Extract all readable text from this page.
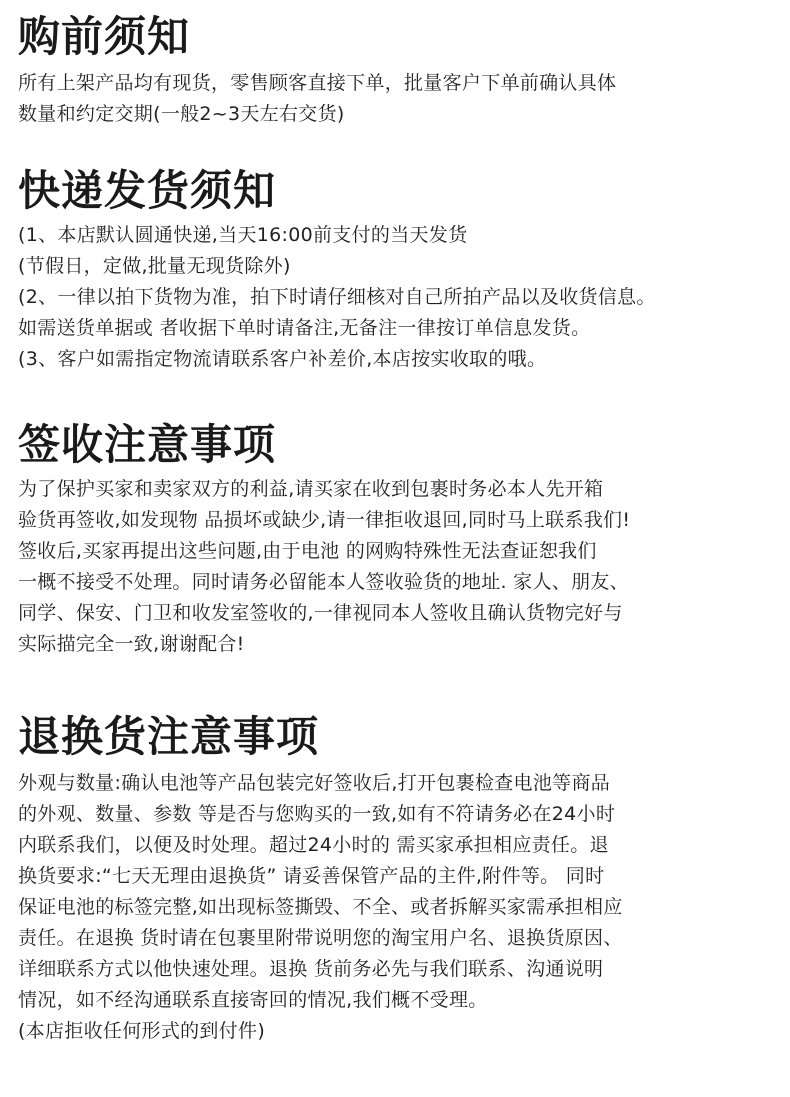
购前须知
所有上架产品均有现货，零售顾客直接下单，批量客户下单前确认具体
数量和约定交期(一般2~3天左右交货)
快递发货须知
(1、本店默认圆通快递,当天16:00前支付的当天发货
(节假日，定做,批量无现货除外)
(2、一律以拍下货物为准，拍下时请仔细核对自己所拍产品以及收货信息。
如需送货单据或 者收据下单时请备注,无备注一律按订单信息发货。
(3、客户如需指定物流请联系客户补差价,本店按实收取的哦。
签收注意事项
为了保护买家和卖家双方的利益,请买家在收到包裹时务必本人先开箱
验货再签收,如发现物 品损坏或缺少,请一律拒收退回,同时马上联系我们!
签收后,买家再提出这些问题,由于电池 的网购特殊性无法查证恕我们
一概不接受不处理。同时请务必留能本人签收验货的地址. 家人、朋友、
同学、保安、门卫和收发室签收的,一律视同本人签收且确认货物完好与
实际描完全一致,谢谢配合!
退换货注意事项
外观与数量:确认电池等产品包装完好签收后,打开包裹检查电池等商品
的外观、数量、参数 等是否与您购买的一致,如有不符请务必在24小时
内联系我们，以便及时处理。超过24小时的 需买家承担相应责任。退
换货要求:“七天无理由退换货” 请妥善保管产品的主件,附件等。 同时
保证电池的标签完整,如出现标签撕毁、不全、或者拆解买家需承担相应
责任。在退换 货时请在包裹里附带说明您的淘宝用户名、退换货原因、
详细联系方式以他快速处理。退换 货前务必先与我们联系、沟通说明
情况，如不经沟通联系直接寄回的情况,我们概不受理。
(本店拒收任何形式的到付件)
